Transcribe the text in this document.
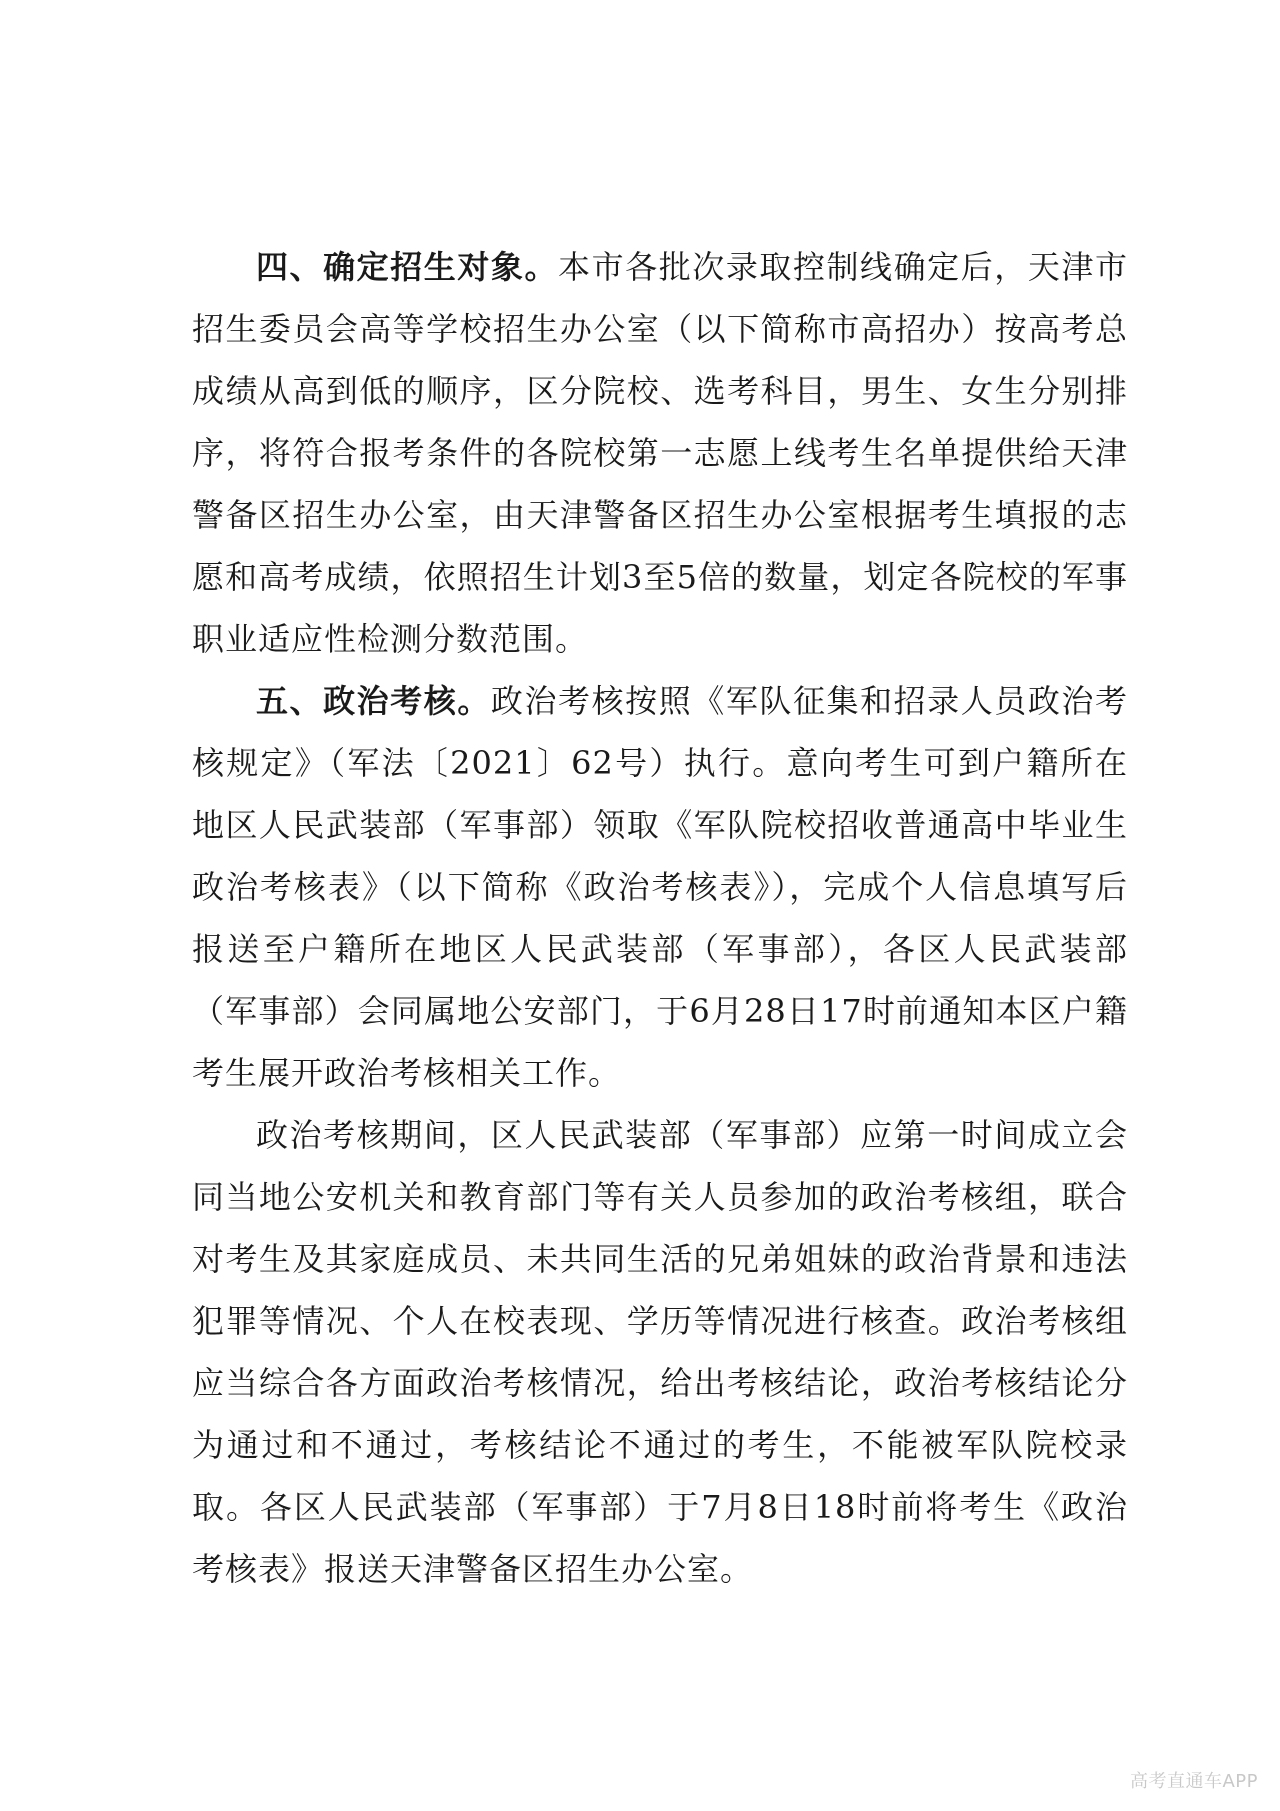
四、确定招生对象。本市各批次录取控制线确定后，天津市招生委员会高等学校招生办公室（以下简称市高招办）按高考总成绩从高到低的顺序，区分院校、选考科目，男生、女生分别排序，将符合报考条件的各院校第一志愿上线考生名单提供给天津警备区招生办公室，由天津警备区招生办公室根据考生填报的志愿和高考成绩，依照招生计划3至5倍的数量，划定各院校的军事职业适应性检测分数范围。

五、政治考核。政治考核按照《军队征集和招录人员政治考核规定》（军法〔2021〕62号）执行。意向考生可到户籍所在地区人民武装部（军事部）领取《军队院校招收普通高中毕业生政治考核表》（以下简称《政治考核表》），完成个人信息填写后报送至户籍所在地区人民武装部（军事部），各区人民武装部（军事部）会同属地公安部门，于6月28日17时前通知本区户籍考生展开政治考核相关工作。

政治考核期间，区人民武装部（军事部）应第一时间成立会同当地公安机关和教育部门等有关人员参加的政治考核组，联合对考生及其家庭成员、未共同生活的兄弟姐妹的政治背景和违法犯罪等情况、个人在校表现、学历等情况进行核查。政治考核组应当综合各方面政治考核情况，给出考核结论，政治考核结论分为通过和不通过，考核结论不通过的考生，不能被军队院校录取。各区人民武装部（军事部）于7月8日18时前将考生《政治考核表》报送天津警备区招生办公室。

高考直通车APP
